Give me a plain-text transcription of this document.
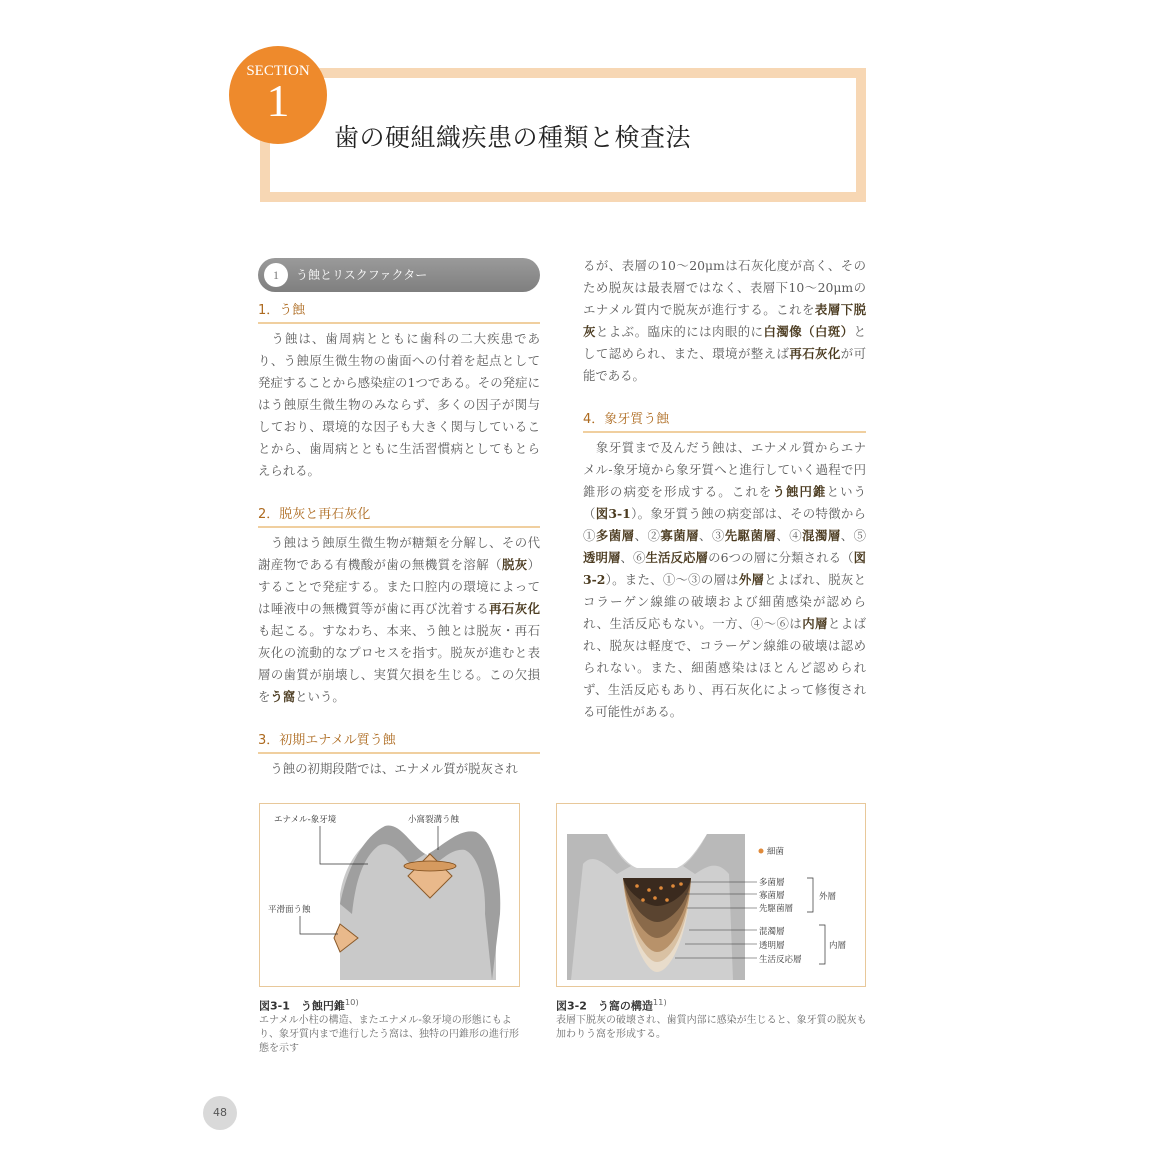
SECTION
1
歯の硬組織疾患の種類と検査法
1	う蝕とリスクファクター
1．う蝕

　う蝕は、歯周病とともに歯科の二大疾患であり、う蝕原生微生物の歯面への付着を起点として発症することから感染症の1つである。その発症にはう蝕原生微生物のみならず、多くの因子が関与しており、環境的な因子も大きく関与していることから、歯周病とともに生活習慣病としてもとらえられる。

2．脱灰と再石灰化

　う蝕はう蝕原生微生物が糖類を分解し、その代謝産物である有機酸が歯の無機質を溶解（脱灰）することで発症する。また口腔内の環境によっては唾液中の無機質等が歯に再び沈着する再石灰化も起こる。すなわち、本来、う蝕とは脱灰・再石灰化の流動的なプロセスを指す。脱灰が進むと表層の歯質が崩壊し、実質欠損を生じる。この欠損をう窩という。

3．初期エナメル質う蝕

　う蝕の初期段階では、エナメル質が脱灰され

るが、表層の10〜20μmは石灰化度が高く、そのため脱灰は最表層ではなく、表層下10〜20μmのエナメル質内で脱灰が進行する。これを表層下脱灰とよぶ。臨床的には肉眼的に白濁像（白斑）として認められ、また、環境が整えば再石灰化が可能である。

4．象牙質う蝕

　象牙質まで及んだう蝕は、エナメル質からエナメル-象牙境から象牙質へと進行していく過程で円錐形の病変を形成する。これをう蝕円錐という（図3-1）。象牙質う蝕の病変部は、その特徴から①多菌層、②寡菌層、③先駆菌層、④混濁層、⑤透明層、⑥生活反応層の6つの層に分類される（図3-2）。また、①〜③の層は外層とよばれ、脱灰とコラーゲン線維の破壊および細菌感染が認められ、生活反応もない。一方、④〜⑥は内層とよばれ、脱灰は軽度で、コラーゲン線維の破壊は認められない。また、細菌感染はほとんど認められず、生活反応もあり、再石灰化によって修復される可能性がある。

エナメル-象牙境	小窩裂溝う蝕
平滑面う蝕
図3-1　う蝕円錐$^{10)}$
エナメル小柱の構造、またエナメル-象牙境の形態にもより、象牙質内まで進行したう窩は、独特の円錐形の進行形態を示す
細菌
多菌層
寡菌層
先駆菌層
混濁層
透明層
生活反応層
外層
内層
図3-2　う窩の構造$^{11)}$
表層下脱灰の破壊され、歯質内部に感染が生じると、象牙質の脱灰も加わりう窩を形成する。
48
